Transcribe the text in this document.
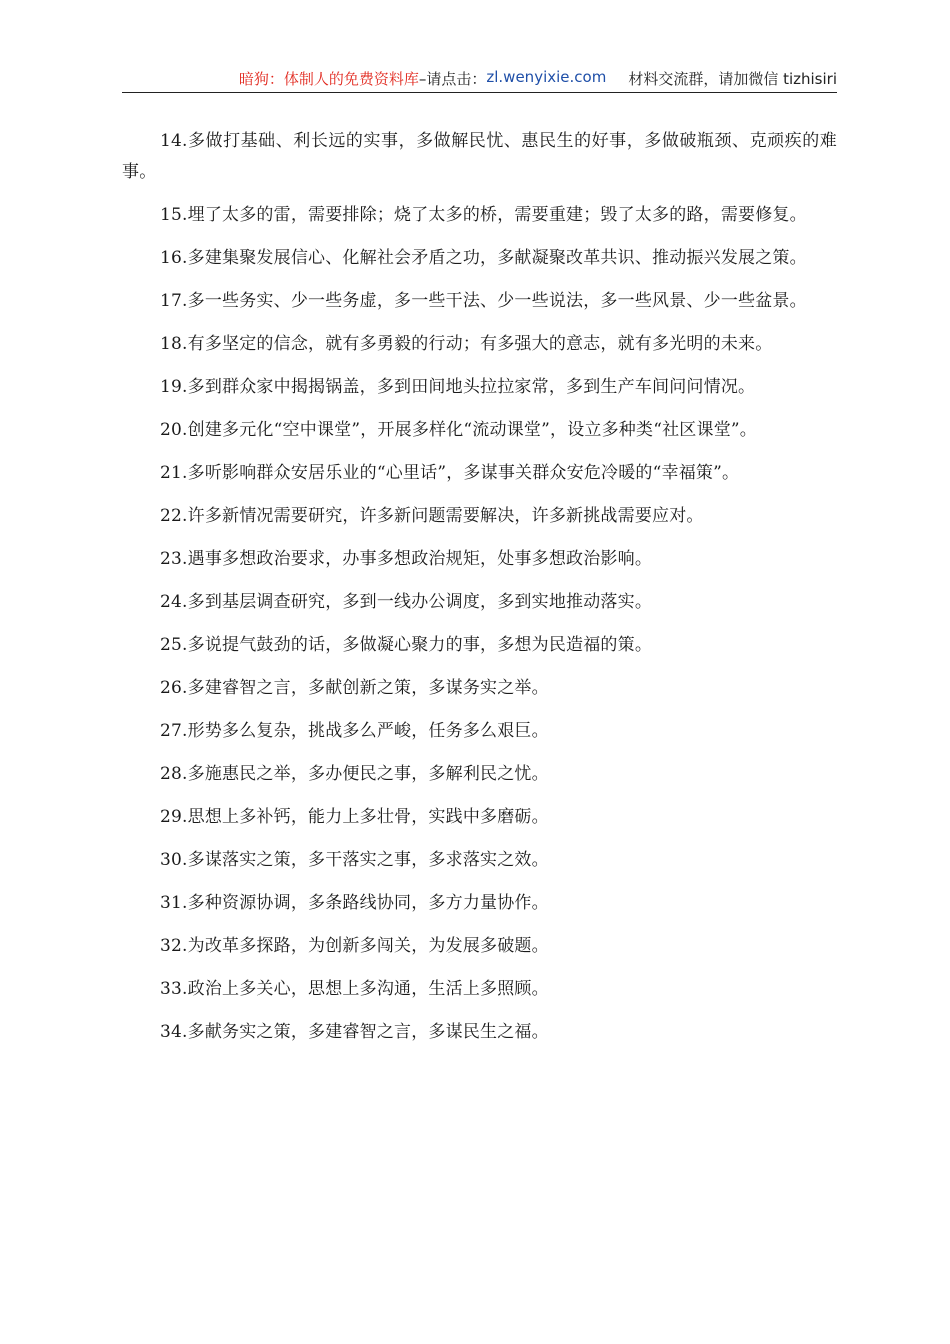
暗狗：体制人的免费资料库 –请点击： zl.wenyixie.com 材料交流群，请加微信 tizhisiri

14.多做打基础、利长远的实事，多做解民忧、惠民生的好事，多做破瓶颈、克顽疾的难事。

15.埋了太多的雷，需要排除；烧了太多的桥，需要重建；毁了太多的路，需要修复。

16.多建集聚发展信心、化解社会矛盾之功，多献凝聚改革共识、推动振兴发展之策。

17.多一些务实、少一些务虚，多一些干法、少一些说法，多一些风景、少一些盆景。

18.有多坚定的信念，就有多勇毅的行动；有多强大的意志，就有多光明的未来。

19.多到群众家中揭揭锅盖，多到田间地头拉拉家常，多到生产车间问问情况。

20.创建多元化“空中课堂”，开展多样化“流动课堂”，设立多种类“社区课堂”。

21.多听影响群众安居乐业的“心里话”，多谋事关群众安危冷暖的“幸福策”。

22.许多新情况需要研究，许多新问题需要解决，许多新挑战需要应对。

23.遇事多想政治要求，办事多想政治规矩，处事多想政治影响。

24.多到基层调查研究，多到一线办公调度，多到实地推动落实。

25.多说提气鼓劲的话，多做凝心聚力的事，多想为民造福的策。

26.多建睿智之言，多献创新之策，多谋务实之举。

27.形势多么复杂，挑战多么严峻，任务多么艰巨。

28.多施惠民之举，多办便民之事，多解利民之忧。

29.思想上多补钙，能力上多壮骨，实践中多磨砺。

30.多谋落实之策，多干落实之事，多求落实之效。

31.多种资源协调，多条路线协同，多方力量协作。

32.为改革多探路，为创新多闯关，为发展多破题。

33.政治上多关心，思想上多沟通，生活上多照顾。

34.多献务实之策，多建睿智之言，多谋民生之福。
